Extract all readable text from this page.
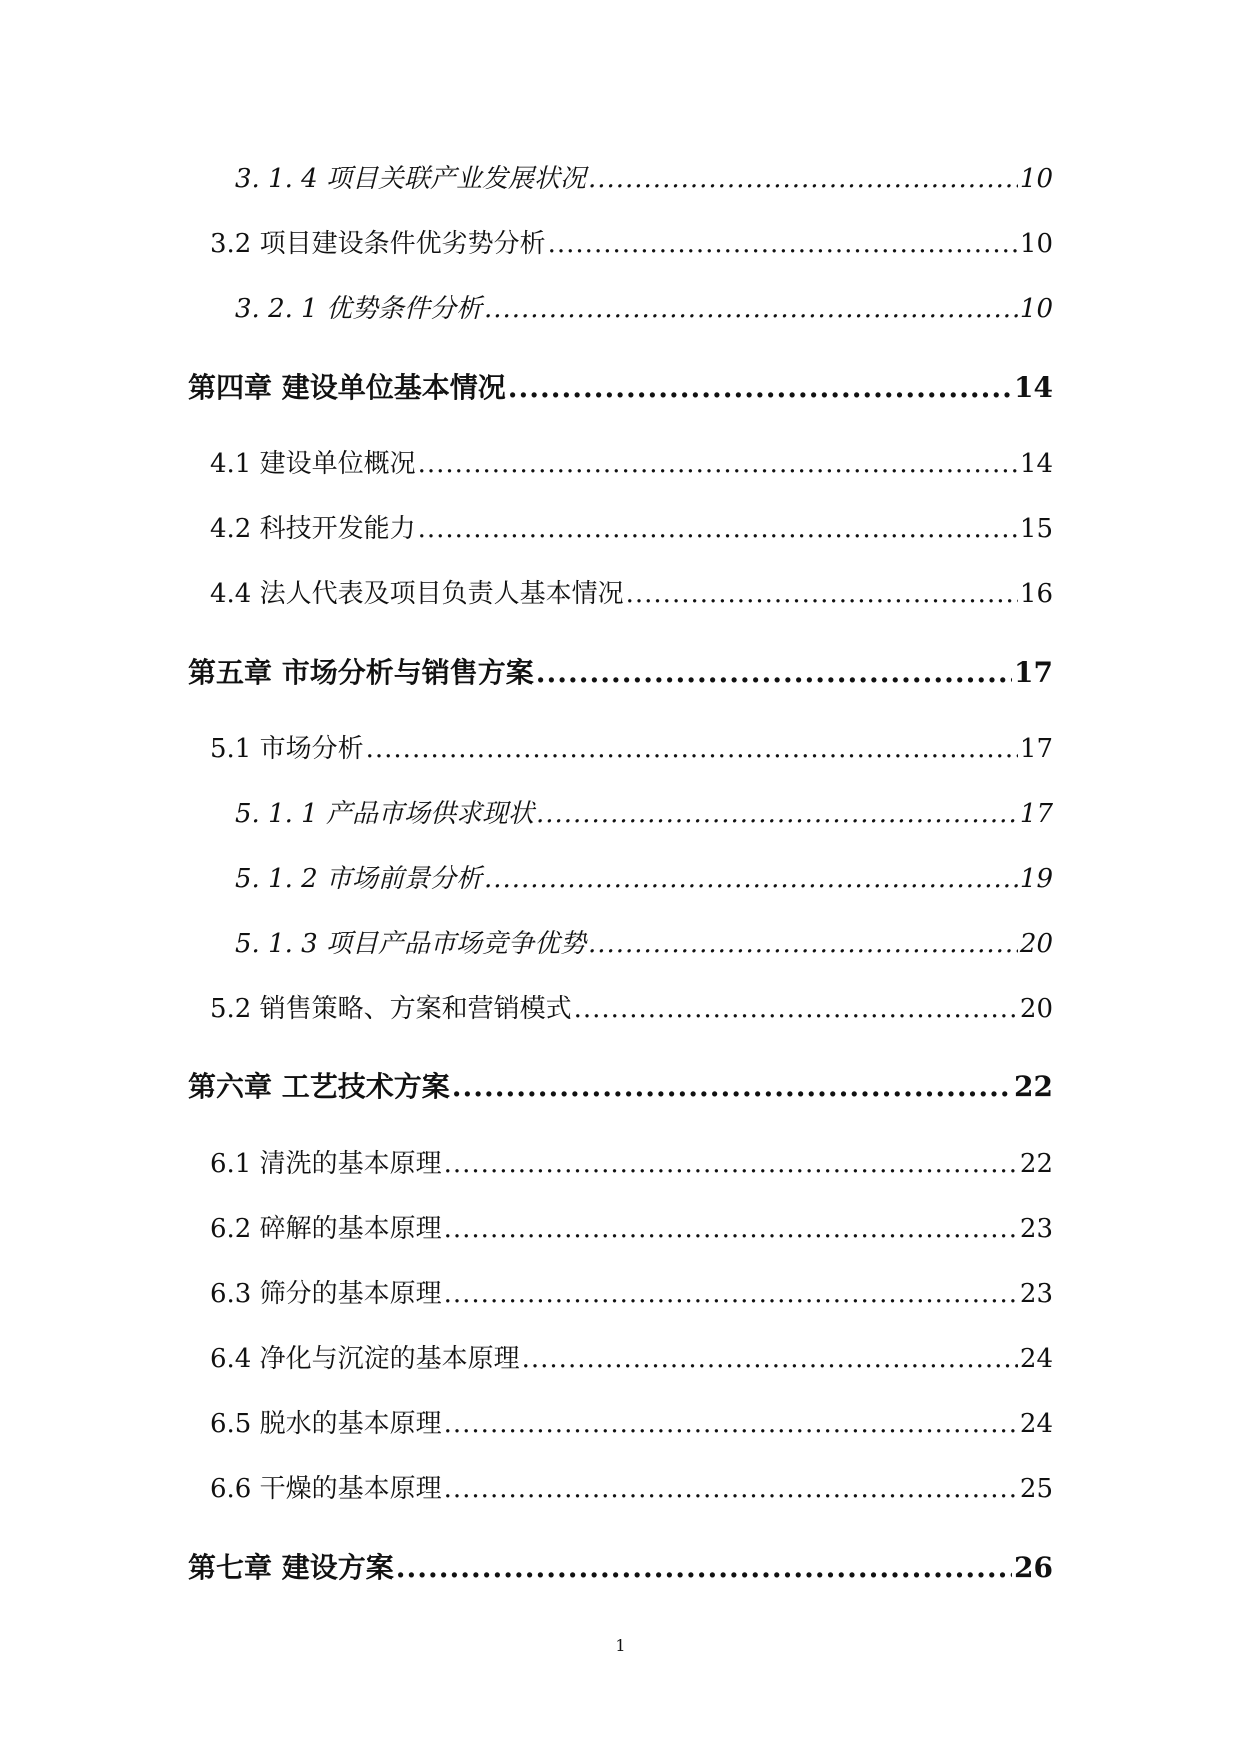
3. 1. 4 项目关联产业发展状况 .....	10
3.2 项目建设条件优劣势分析 .....	10
3. 2. 1 优势条件分析 .....	10
第四章 建设单位基本情况 .....	14
4.1 建设单位概况 .....	14
4.2 科技开发能力 .....	15
4.4 法人代表及项目负责人基本情况 .....	16
第五章 市场分析与销售方案 .....	17
5.1 市场分析 .....	17
5. 1. 1 产品市场供求现状 .....	17
5. 1. 2 市场前景分析 .....	19
5. 1. 3 项目产品市场竞争优势 .....	20
5.2 销售策略、方案和营销模式 .....	20
第六章 工艺技术方案 .....	22
6.1 清洗的基本原理 .....	22
6.2 碎解的基本原理 .....	23
6.3 筛分的基本原理 .....	23
6.4 净化与沉淀的基本原理 .....	24
6.5 脱水的基本原理 .....	24
6.6 干燥的基本原理 .....	25
第七章 建设方案 .....	26
1
